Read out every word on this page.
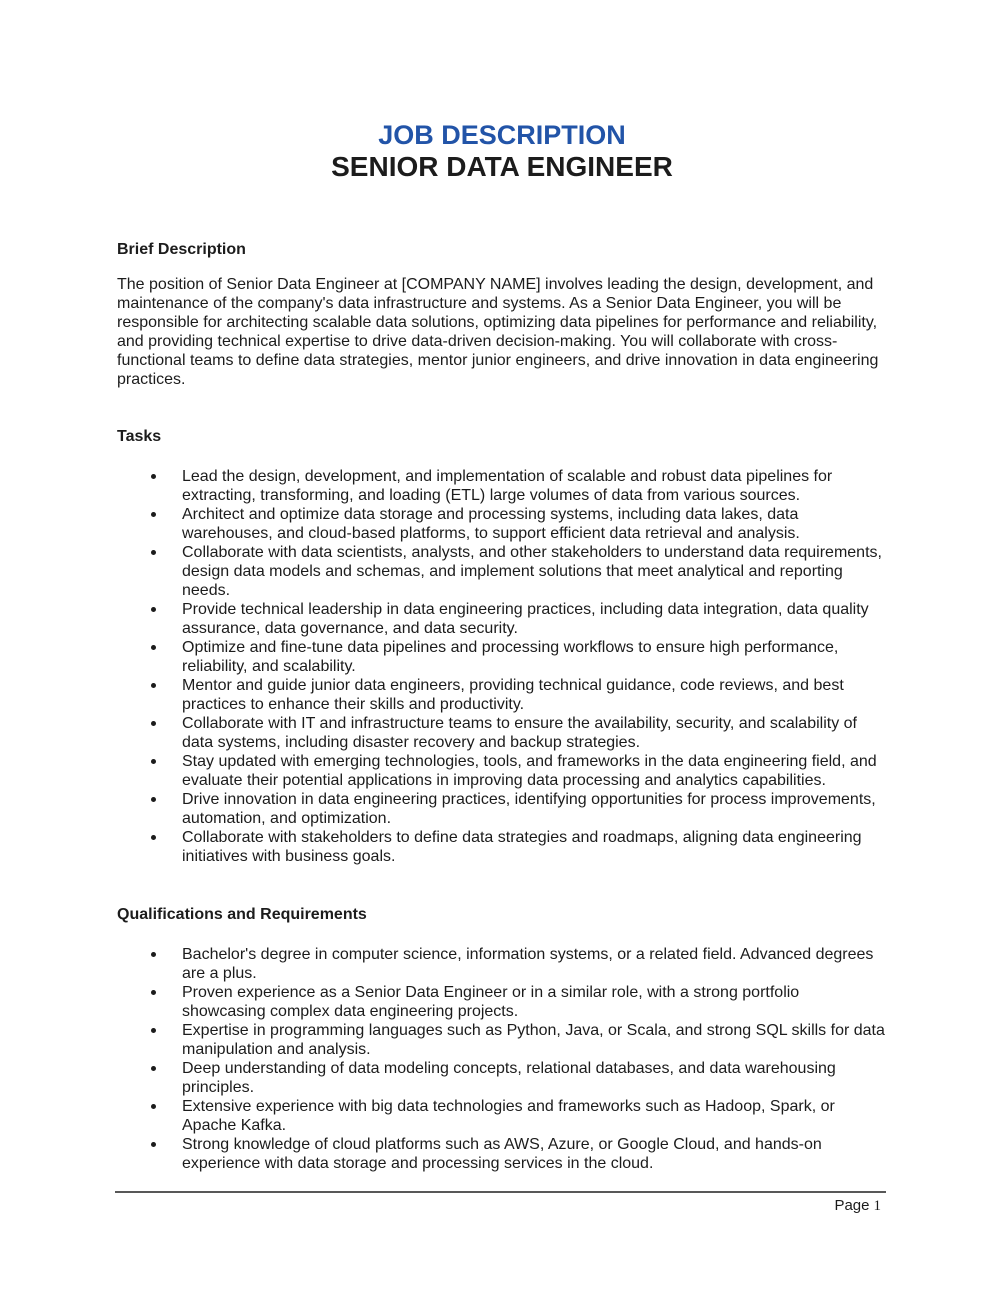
JOB DESCRIPTION
SENIOR DATA ENGINEER
Brief Description

The position of Senior Data Engineer at [COMPANY NAME] involves leading the design, development, and maintenance of the company's data infrastructure and systems. As a Senior Data Engineer, you will be responsible for architecting scalable data solutions, optimizing data pipelines for performance and reliability, and providing technical expertise to drive data-driven decision-making. You will collaborate with cross-functional teams to define data strategies, mentor junior engineers, and drive innovation in data engineering practices.

Tasks
Lead the design, development, and implementation of scalable and robust data pipelines for extracting, transforming, and loading (ETL) large volumes of data from various sources.
Architect and optimize data storage and processing systems, including data lakes, data warehouses, and cloud-based platforms, to support efficient data retrieval and analysis.
Collaborate with data scientists, analysts, and other stakeholders to understand data requirements, design data models and schemas, and implement solutions that meet analytical and reporting needs.
Provide technical leadership in data engineering practices, including data integration, data quality assurance, data governance, and data security.
Optimize and fine-tune data pipelines and processing workflows to ensure high performance, reliability, and scalability.
Mentor and guide junior data engineers, providing technical guidance, code reviews, and best practices to enhance their skills and productivity.
Collaborate with IT and infrastructure teams to ensure the availability, security, and scalability of data systems, including disaster recovery and backup strategies.
Stay updated with emerging technologies, tools, and frameworks in the data engineering field, and evaluate their potential applications in improving data processing and analytics capabilities.
Drive innovation in data engineering practices, identifying opportunities for process improvements, automation, and optimization.
Collaborate with stakeholders to define data strategies and roadmaps, aligning data engineering initiatives with business goals.
Qualifications and Requirements
Bachelor's degree in computer science, information systems, or a related field. Advanced degrees are a plus.
Proven experience as a Senior Data Engineer or in a similar role, with a strong portfolio showcasing complex data engineering projects.
Expertise in programming languages such as Python, Java, or Scala, and strong SQL skills for data manipulation and analysis.
Deep understanding of data modeling concepts, relational databases, and data warehousing principles.
Extensive experience with big data technologies and frameworks such as Hadoop, Spark, or Apache Kafka.
Strong knowledge of cloud platforms such as AWS, Azure, or Google Cloud, and hands-on experience with data storage and processing services in the cloud.
Page 1
